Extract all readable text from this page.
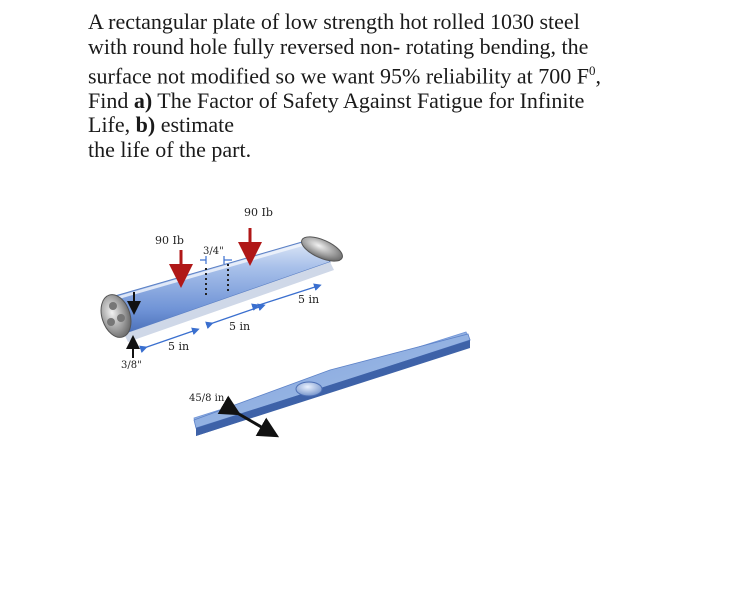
A rectangular plate of low strength hot rolled 1030 steel

with round hole fully reversed non- rotating bending, the

surface not modified so we want 95% reliability at 700 $F^0$,

Find a) The Factor of Safety Against Fatigue for Infinite

Life, b) estimate

the life of the part.

90 Ib
90 Ib
3/4"
5 in
5 in
5 in
3/8"
45/8 in
